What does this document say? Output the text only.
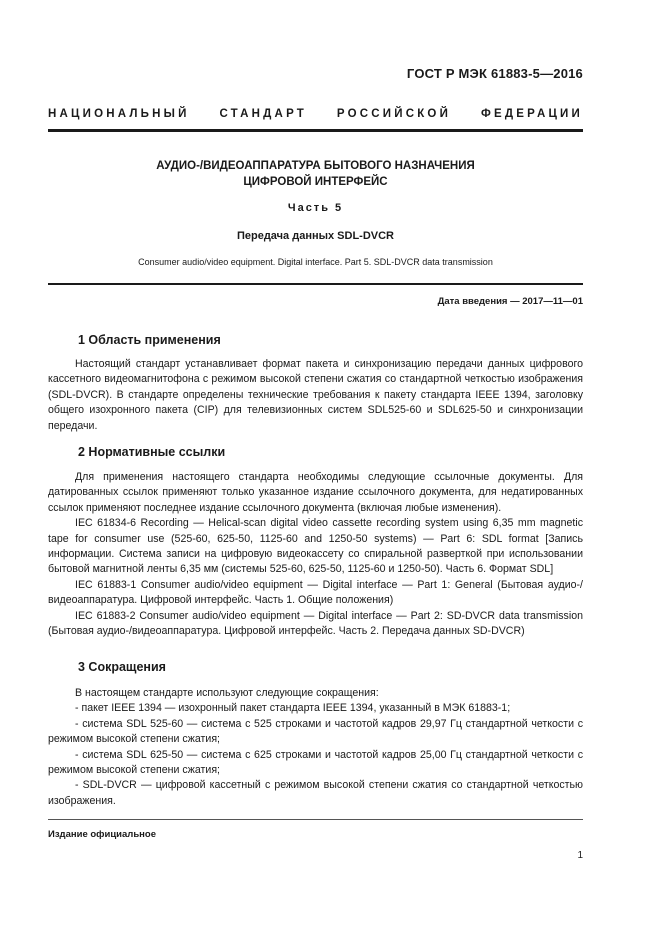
ГОСТ Р МЭК 61883-5—2016
НАЦИОНАЛЬНЫЙ	СТАНДАРТ	РОССИЙСКОЙ	ФЕДЕРАЦИИ
АУДИО-/ВИДЕОАППАРАТУРА БЫТОВОГО НАЗНАЧЕНИЯ
ЦИФРОВОЙ ИНТЕРФЕЙС
Часть 5
Передача данных SDL-DVCR
Consumer audio/video equipment. Digital interface. Part 5. SDL-DVCR data transmission
Дата введения — 2017—11—01
1 Область применения

Настоящий стандарт устанавливает формат пакета и синхронизацию передачи данных цифрового кассетного видеомагнитофона с режимом высокой степени сжатия со стандартной четкостью изображения (SDL-DVCR). В стандарте определены технические требования к пакету стандарта IEEE 1394, заголовку общего изохронного пакета (CIP) для телевизионных систем SDL525-60 и SDL625-50 и синхронизации передачи.

2 Нормативные ссылки

Для применения настоящего стандарта необходимы следующие ссылочные документы. Для датированных ссылок применяют только указанное издание ссылочного документа, для недатированных ссылок применяют последнее издание ссылочного документа (включая любые изменения).

IEC 61834-6 Recording — Helical-scan digital video cassette recording system using 6,35 mm magnetic tape for consumer use (525-60, 625-50, 1125-60 and 1250-50 systems) — Part 6: SDL format [Запись информации. Система записи на цифровую видеокассету со спиральной разверткой при использовании бытовой магнитной ленты 6,35 мм (системы 525-60, 625-50, 1125-60 и 1250-50). Часть 6. Формат SDL]

IEC 61883-1 Consumer audio/video equipment — Digital interface — Part 1: General (Бытовая аудио-/видеоаппаратура. Цифровой интерфейс. Часть 1. Общие положения)

IEC 61883-2 Consumer audio/video equipment — Digital interface — Part 2: SD-DVCR data transmission (Бытовая аудио-/видеоаппаратура. Цифровой интерфейс. Часть 2. Передача данных SD-DVCR)

3 Сокращения

В настоящем стандарте используют следующие сокращения:

- пакет IEEE 1394 — изохронный пакет стандарта IEEE 1394, указанный в МЭК 61883-1;

- система SDL 525-60 — система с 525 строками и частотой кадров 29,97 Гц стандартной четкости с режимом высокой степени сжатия;

- система SDL 625-50 — система с 625 строками и частотой кадров 25,00 Гц стандартной четкости с режимом высокой степени сжатия;

- SDL-DVCR — цифровой кассетный с режимом высокой степени сжатия со стандартной четкостью изображения.

Издание официальное
1
